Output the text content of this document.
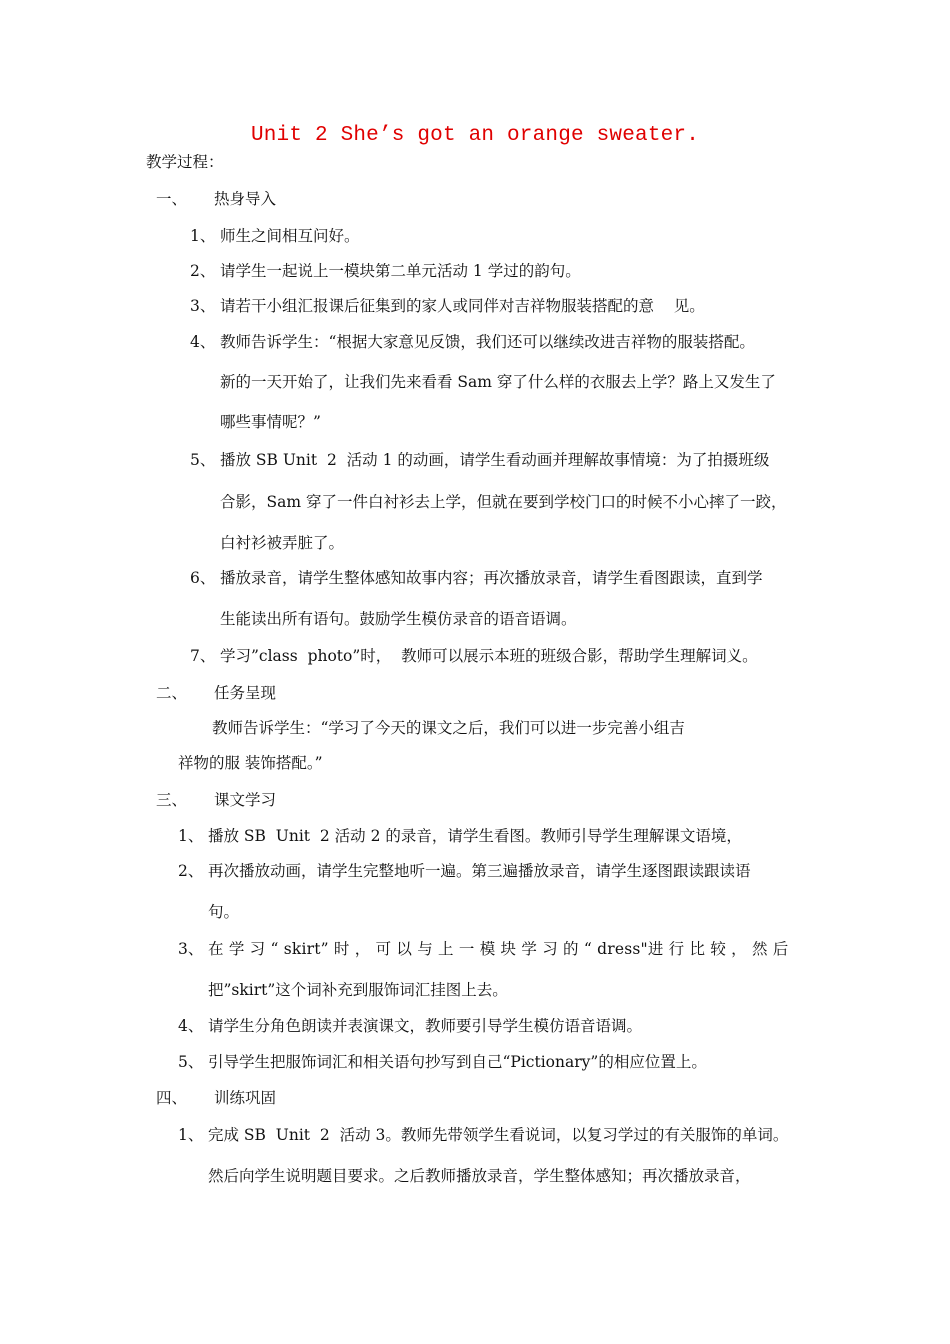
Unit 2 She’s got an orange sweater.
教学过程：
一、 热身导入
1、 师生之间相互问好。
2、 请学生一起说上一模块第二单元活动 1 学过的韵句。
3、 请若干小组汇报课后征集到的家人或同伴对吉祥物服装搭配的意    见。
4、 教师告诉学生：“根据大家意见反馈，我们还可以继续改进吉祥物的服装搭配。
新的一天开始了，让我们先来看看 Sam 穿了什么样的衣服去上学？路上又发生了
哪些事情呢？”
5、 播放 SB Unit  2  活动 1 的动画，请学生看动画并理解故事情境：为了拍摄班级
合影，Sam 穿了一件白衬衫去上学，但就在要到学校门口的时候不小心摔了一跤，
白衬衫被弄脏了。
6、 播放录音，请学生整体感知故事内容；再次播放录音，请学生看图跟读，直到学
生能读出所有语句。鼓励学生模仿录音的语音语调。
7、 学习”class  photo”时，  教师可以展示本班的班级合影，帮助学生理解词义。
二、 任务呈现
教师告诉学生：“学习了今天的课文之后，我们可以进一步完善小组吉
祥物的服 装饰搭配。”
三、 课文学习
1、 播放 SB  Unit  2 活动 2 的录音，请学生看图。教师引导学生理解课文语境，
2、 再次播放动画，请学生完整地听一遍。第三遍播放录音，请学生逐图跟读跟读语
句。
3、 在 学 习 “ skirt” 时 ， 可 以 与 上 一 模 块 学 习 的 “ dress"进 行 比 较 ， 然 后
把”skirt”这个词补充到服饰词汇挂图上去。
4、 请学生分角色朗读并表演课文，教师要引导学生模仿语音语调。
5、 引导学生把服饰词汇和相关语句抄写到自己“Pictionary”的相应位置上。
四、 训练巩固
1、 完成 SB  Unit  2  活动 3。教师先带领学生看说词，以复习学过的有关服饰的单词。
然后向学生说明题目要求。之后教师播放录音，学生整体感知；再次播放录音，
